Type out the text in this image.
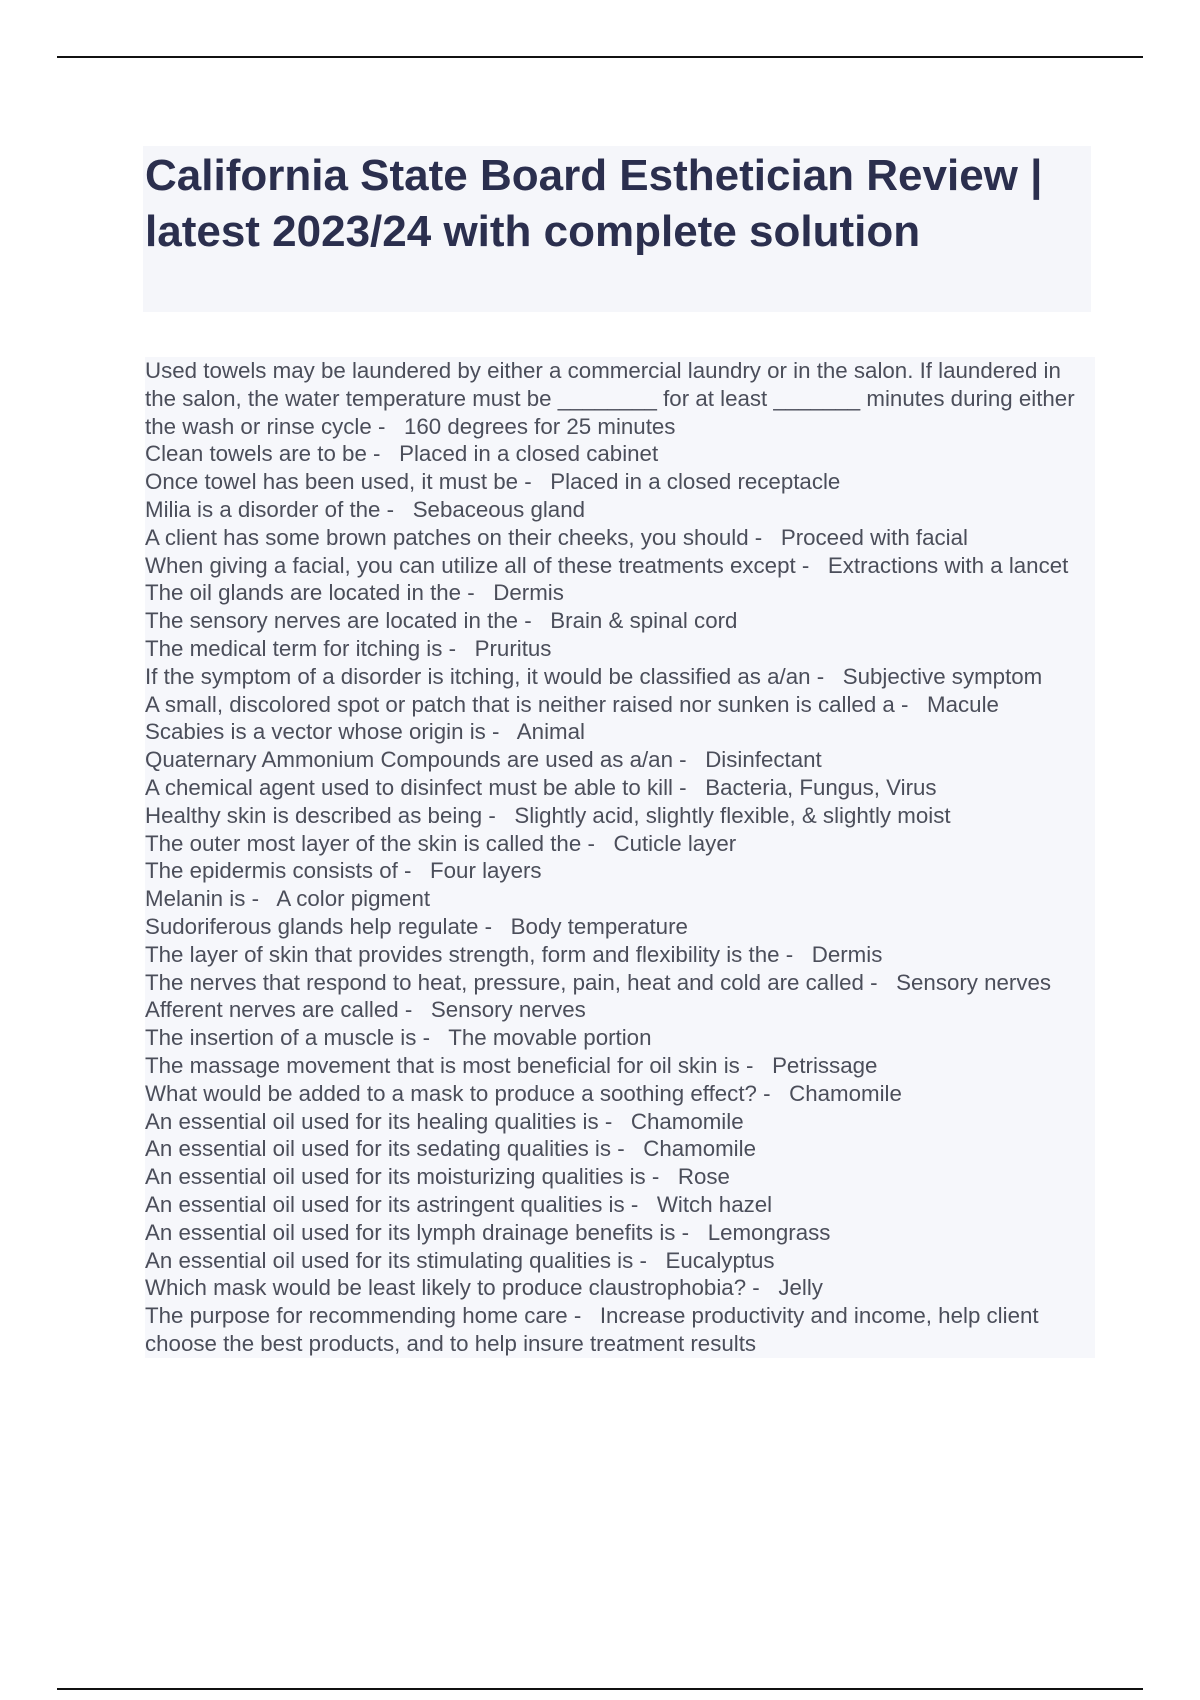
California State Board Esthetician Review | latest 2023/24 with complete solution
Used towels may be laundered by either a commercial laundry or in the salon. If laundered in the salon, the water temperature must be ________ for at least _______ minutes during either the wash or rinse cycle -   160 degrees for 25 minutes
Clean towels are to be -   Placed in a closed cabinet
Once towel has been used, it must be -   Placed in a closed receptacle
Milia is a disorder of the -   Sebaceous gland
A client has some brown patches on their cheeks, you should -   Proceed with facial
When giving a facial, you can utilize all of these treatments except -   Extractions with a lancet
The oil glands are located in the -   Dermis
The sensory nerves are located in the -   Brain & spinal cord
The medical term for itching is -   Pruritus
If the symptom of a disorder is itching, it would be classified as a/an -   Subjective symptom
A small, discolored spot or patch that is neither raised nor sunken is called a -   Macule
Scabies is a vector whose origin is -   Animal
Quaternary Ammonium Compounds are used as a/an -   Disinfectant
A chemical agent used to disinfect must be able to kill -   Bacteria, Fungus, Virus
Healthy skin is described as being -   Slightly acid, slightly flexible, & slightly moist
The outer most layer of the skin is called the -   Cuticle layer
The epidermis consists of -   Four layers
Melanin is -   A color pigment
Sudoriferous glands help regulate -   Body temperature
The layer of skin that provides strength, form and flexibility is the -   Dermis
The nerves that respond to heat, pressure, pain, heat and cold are called -   Sensory nerves
Afferent nerves are called -   Sensory nerves
The insertion of a muscle is -   The movable portion
The massage movement that is most beneficial for oil skin is -   Petrissage
What would be added to a mask to produce a soothing effect? -   Chamomile
An essential oil used for its healing qualities is -   Chamomile
An essential oil used for its sedating qualities is -   Chamomile
An essential oil used for its moisturizing qualities is -   Rose
An essential oil used for its astringent qualities is -   Witch hazel
An essential oil used for its lymph drainage benefits is -   Lemongrass
An essential oil used for its stimulating qualities is -   Eucalyptus
Which mask would be least likely to produce claustrophobia? -   Jelly
The purpose for recommending home care -   Increase productivity and income, help client choose the best products, and to help insure treatment results
